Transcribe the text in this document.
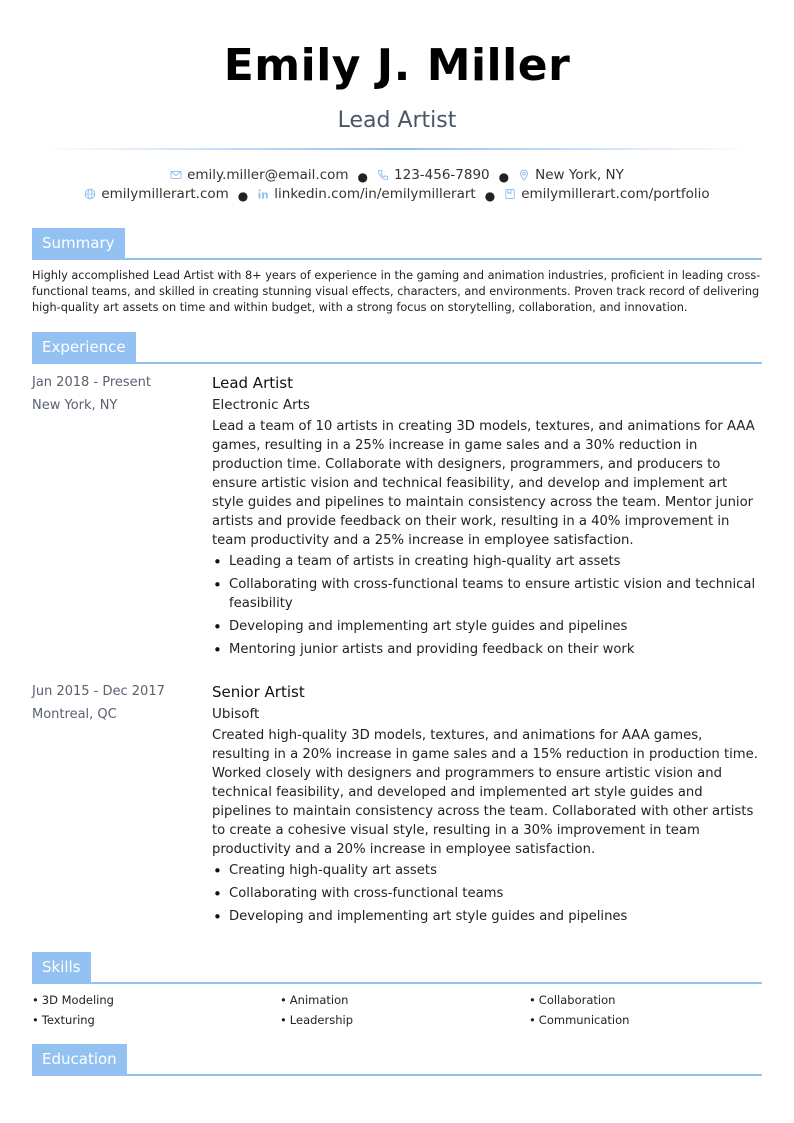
Emily J. Miller
Lead Artist
emily.miller@email.com ● 123-456-7890 ● New York, NY
emilymillerart.com ● linkedin.com/in/emilymillerart ● emilymillerart.com/portfolio
Summary
Highly accomplished Lead Artist with 8+ years of experience in the gaming and animation industries, proficient in leading cross-functional teams, and skilled in creating stunning visual effects, characters, and environments. Proven track record of delivering high-quality art assets on time and within budget, with a strong focus on storytelling, collaboration, and innovation.
Experience
Jan 2018 - Present
New York, NY
Lead Artist
Electronic Arts
Lead a team of 10 artists in creating 3D models, textures, and animations for AAA games, resulting in a 25% increase in game sales and a 30% reduction in production time. Collaborate with designers, programmers, and producers to ensure artistic vision and technical feasibility, and develop and implement art style guides and pipelines to maintain consistency across the team. Mentor junior artists and provide feedback on their work, resulting in a 40% improvement in team productivity and a 25% increase in employee satisfaction.
• Leading a team of artists in creating high-quality art assets
• Collaborating with cross-functional teams to ensure artistic vision and technical feasibility
• Developing and implementing art style guides and pipelines
• Mentoring junior artists and providing feedback on their work
Jun 2015 - Dec 2017
Montreal, QC
Senior Artist
Ubisoft
Created high-quality 3D models, textures, and animations for AAA games, resulting in a 20% increase in game sales and a 15% reduction in production time. Worked closely with designers and programmers to ensure artistic vision and technical feasibility, and developed and implemented art style guides and pipelines to maintain consistency across the team. Collaborated with other artists to create a cohesive visual style, resulting in a 30% improvement in team productivity and a 20% increase in employee satisfaction.
• Creating high-quality art assets
• Collaborating with cross-functional teams
• Developing and implementing art style guides and pipelines
Skills
• 3D Modeling
• Texturing
• Animation
• Leadership
• Collaboration
• Communication
Education
